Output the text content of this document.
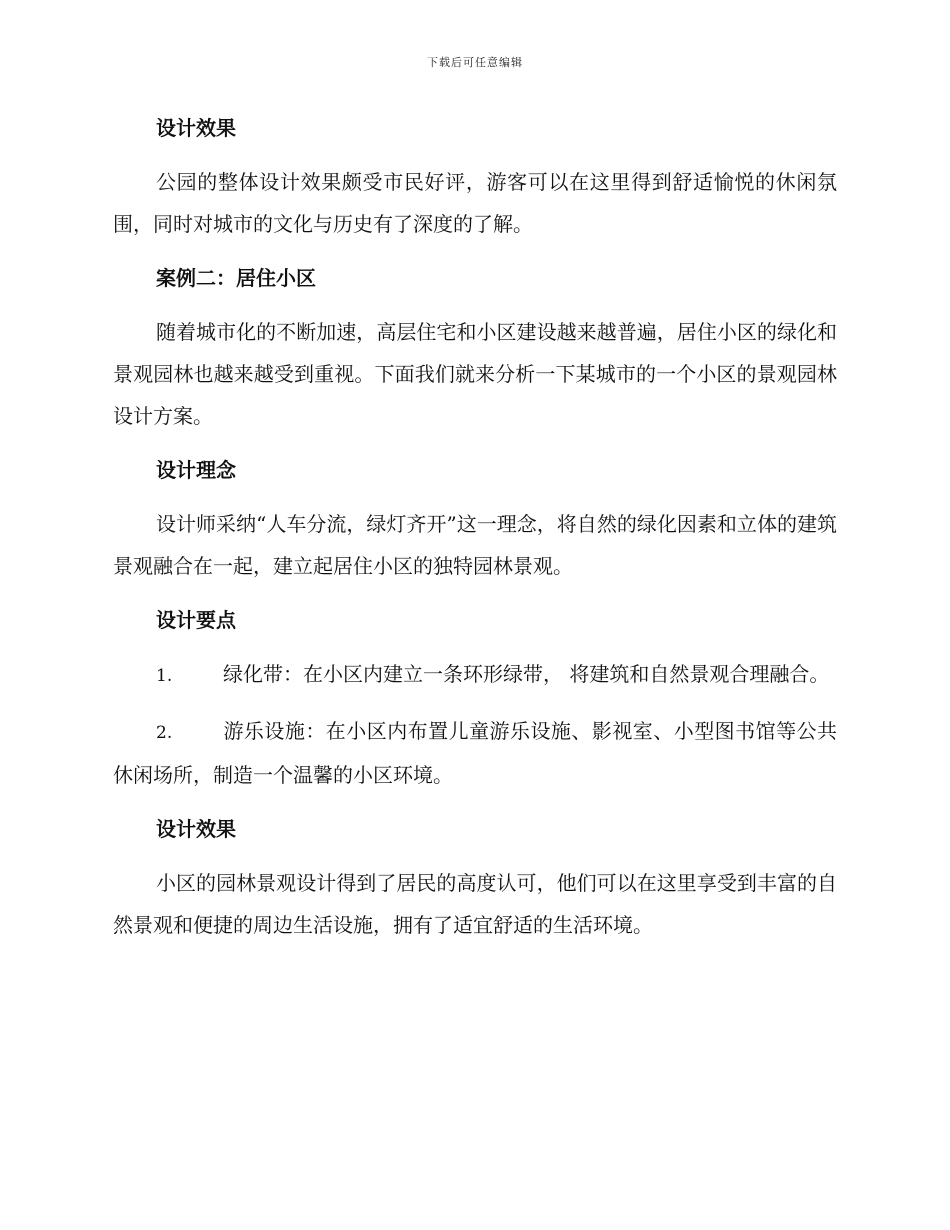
下载后可任意编辑
设计效果

公园的整体设计效果颇受市民好评，游客可以在这里得到舒适愉悦的休闲氛围，同时对城市的文化与历史有了深度的了解。

案例二：居住小区

随着城市化的不断加速，高层住宅和小区建设越来越普遍，居住小区的绿化和景观园林也越来越受到重视。下面我们就来分析一下某城市的一个小区的景观园林设计方案。

设计理念

设计师采纳“人车分流，绿灯齐开”这一理念，将自然的绿化因素和立体的建筑景观融合在一起，建立起居住小区的独特园林景观。

设计要点

1.	绿化带：在小区内建立一条环形绿带， 将建筑和自然景观合理融合。

2.	游乐设施：在小区内布置儿童游乐设施、影视室、小型图书馆等公共休闲场所，制造一个温馨的小区环境。

设计效果

小区的园林景观设计得到了居民的高度认可，他们可以在这里享受到丰富的自然景观和便捷的周边生活设施，拥有了适宜舒适的生活环境。
